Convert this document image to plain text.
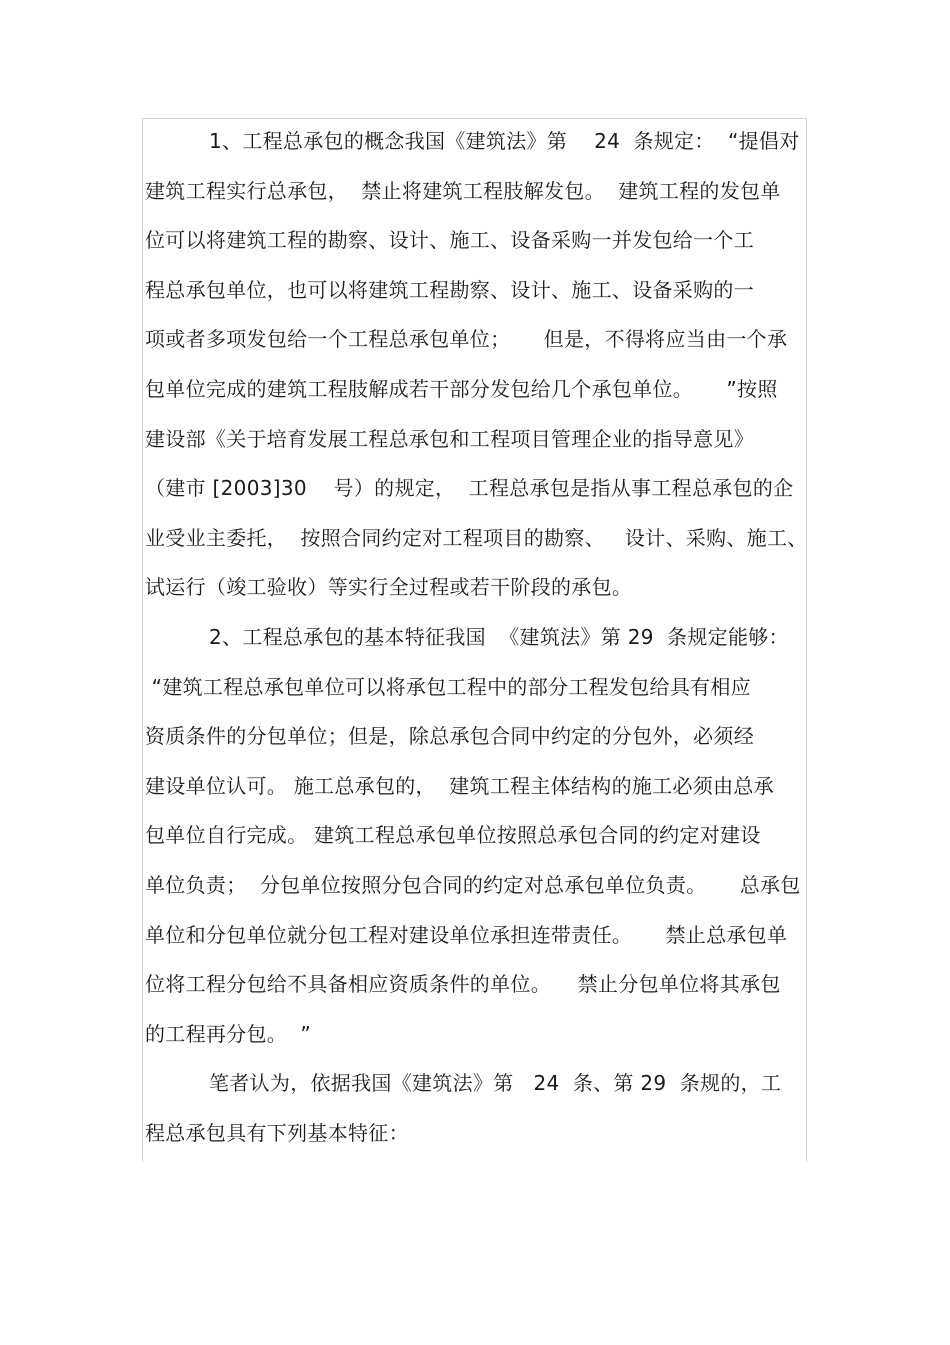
1、工程总承包的概念我国《建筑法》第 　24  条规定：  “提倡对
建筑工程实行总承包，  禁止将建筑工程肢解发包。  建筑工程的发包单
位可以将建筑工程的勘察、设计、施工、设备采购一并发包给一个工
程总承包单位，也可以将建筑工程勘察、设计、施工、设备采购的一
项或者多项发包给一个工程总承包单位；     但是，不得将应当由一个承
包单位完成的建筑工程肢解成若干部分发包给几个承包单位。     ”按照
建设部《关于培育发展工程总承包和工程项目管理企业的指导意见》
（建市 [2003]30    号）的规定，  工程总承包是指从事工程总承包的企
业受业主委托，  按照合同约定对工程项目的勘察、   设计、采购、施工、
试运行（竣工验收）等实行全过程或若干阶段的承包。
2、工程总承包的基本特征我国  《建筑法》第 29  条规定能够：
“建筑工程总承包单位可以将承包工程中的部分工程发包给具有相应
资质条件的分包单位；但是，除总承包合同中约定的分包外，必须经
建设单位认可。 施工总承包的，  建筑工程主体结构的施工必须由总承
包单位自行完成。 建筑工程总承包单位按照总承包合同的约定对建设
单位负责；  分包单位按照分包合同的约定对总承包单位负责。     总承包
单位和分包单位就分包工程对建设单位承担连带责任。     禁止总承包单
位将工程分包给不具备相应资质条件的单位。    禁止分包单位将其承包
的工程再分包。  ”
笔者认为，依据我国《建筑法》第   24  条、第 29  条规的，工
程总承包具有下列基本特征：
